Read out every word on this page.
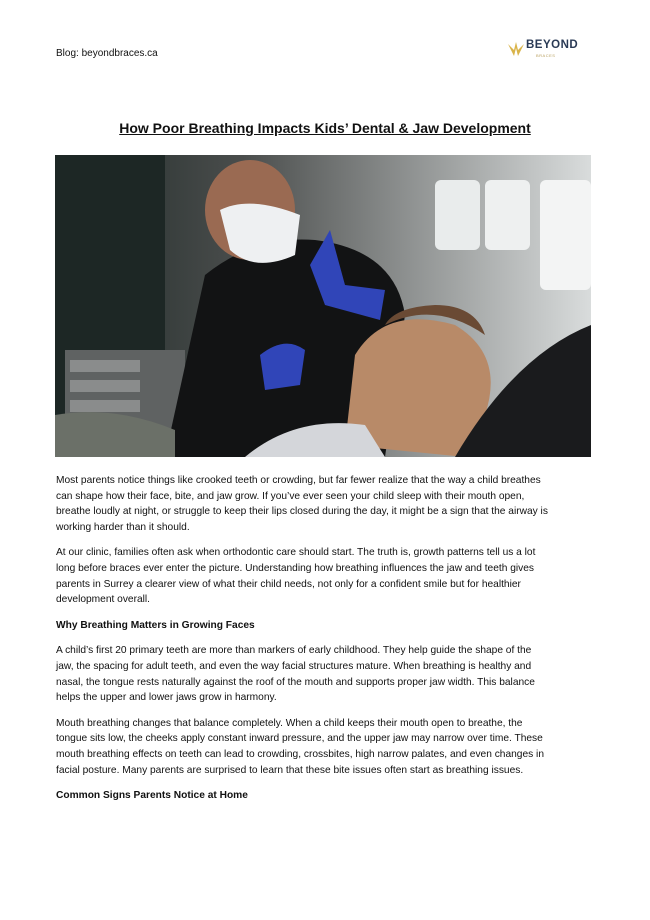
Blog: beyondbraces.ca
BEYOND
BRACES
How Poor Breathing Impacts Kids’ Dental & Jaw Development
Most parents notice things like crooked teeth or crowding, but far fewer realize that the way a child breathes
can shape how their face, bite, and jaw grow. If you’ve ever seen your child sleep with their mouth open,
breathe loudly at night, or struggle to keep their lips closed during the day, it might be a sign that the airway is
working harder than it should.
At our clinic, families often ask when orthodontic care should start. The truth is, growth patterns tell us a lot
long before braces ever enter the picture. Understanding how breathing influences the jaw and teeth gives
parents in Surrey a clearer view of what their child needs, not only for a confident smile but for healthier
development overall.
Why Breathing Matters in Growing Faces
A child’s first 20 primary teeth are more than markers of early childhood. They help guide the shape of the
jaw, the spacing for adult teeth, and even the way facial structures mature. When breathing is healthy and
nasal, the tongue rests naturally against the roof of the mouth and supports proper jaw width. This balance
helps the upper and lower jaws grow in harmony.
Mouth breathing changes that balance completely. When a child keeps their mouth open to breathe, the
tongue sits low, the cheeks apply constant inward pressure, and the upper jaw may narrow over time. These
mouth breathing effects on teeth can lead to crowding, crossbites, high narrow palates, and even changes in
facial posture. Many parents are surprised to learn that these bite issues often start as breathing issues.
Common Signs Parents Notice at Home
